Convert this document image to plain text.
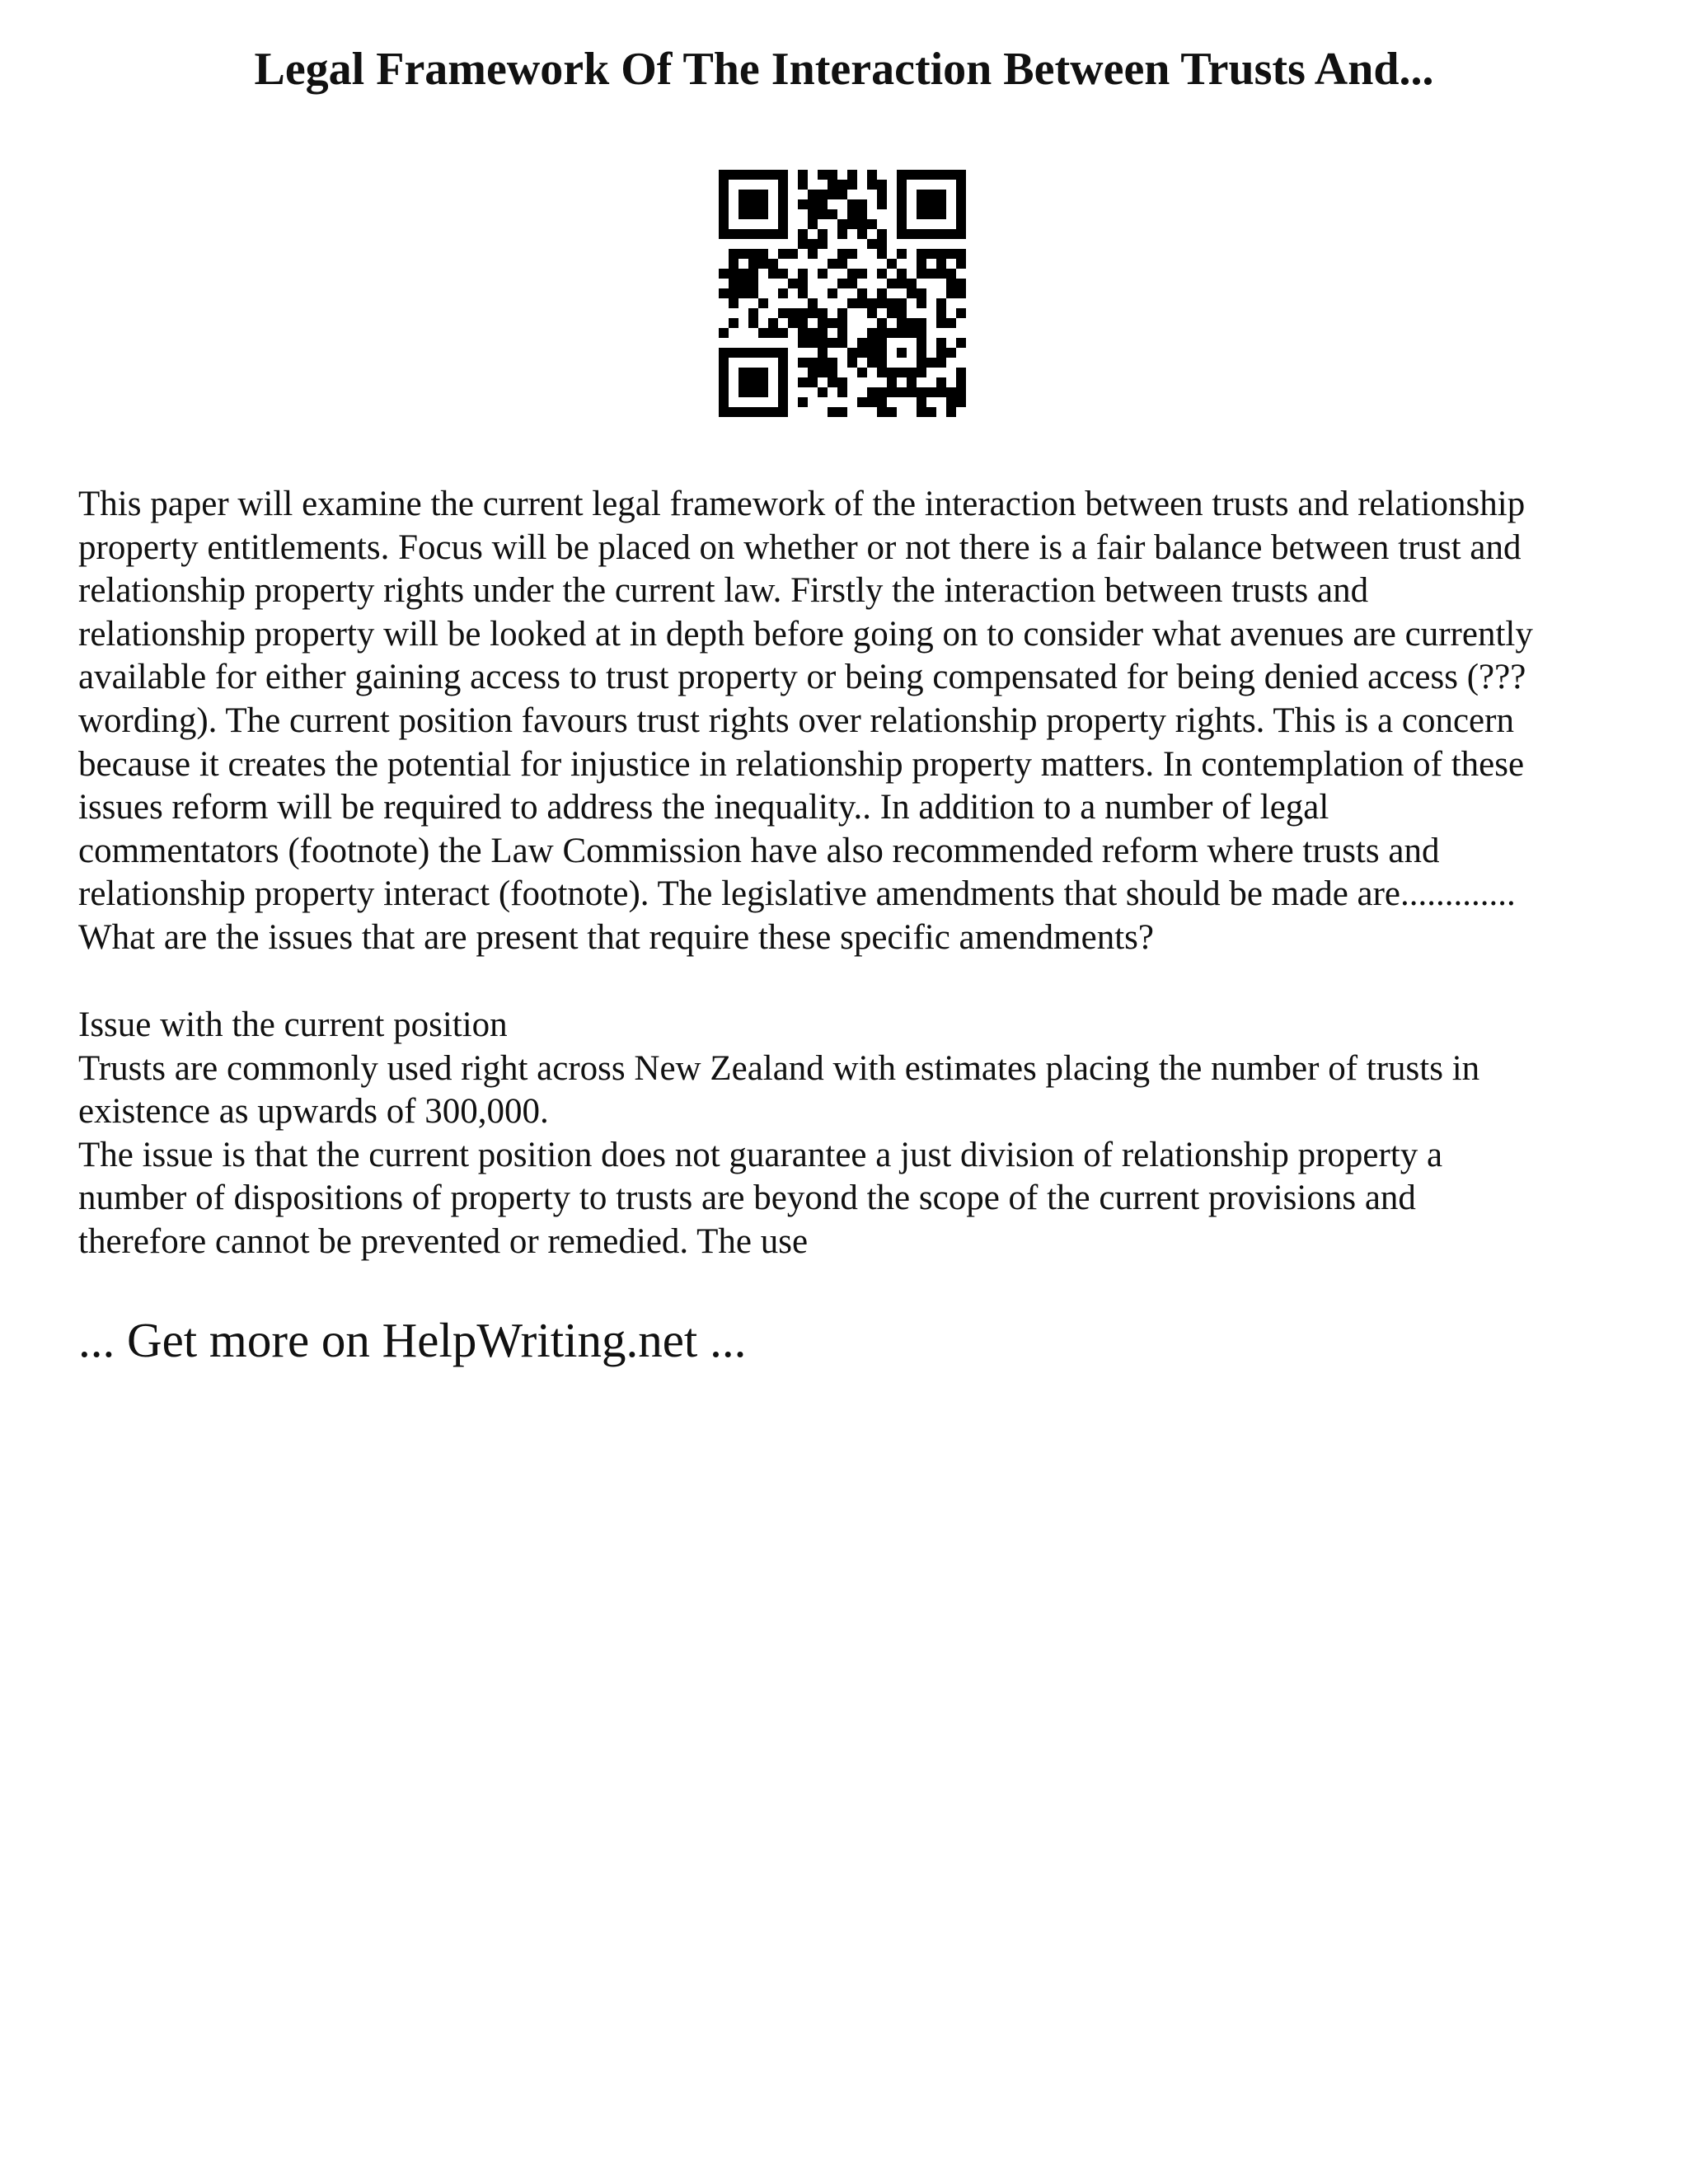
Legal Framework Of The Interaction Between Trusts And...

This paper will examine the current legal framework of the interaction between trusts and relationship
property entitlements. Focus will be placed on whether or not there is a fair balance between trust and
relationship property rights under the current law. Firstly the interaction between trusts and
relationship property will be looked at in depth before going on to consider what avenues are currently
available for either gaining access to trust property or being compensated for being denied access (???
wording). The current position favours trust rights over relationship property rights. This is a concern
because it creates the potential for injustice in relationship property matters. In contemplation of these
issues reform will be required to address the inequality.. In addition to a number of legal
commentators (footnote) the Law Commission have also recommended reform where trusts and
relationship property interact (footnote). The legislative amendments that should be made are.............
What are the issues that are present that require these specific amendments?

Issue with the current position
Trusts are commonly used right across New Zealand with estimates placing the number of trusts in
existence as upwards of 300,000.
The issue is that the current position does not guarantee a just division of relationship property a
number of dispositions of property to trusts are beyond the scope of the current provisions and
therefore cannot be prevented or remedied. The use

... Get more on HelpWriting.net ...
